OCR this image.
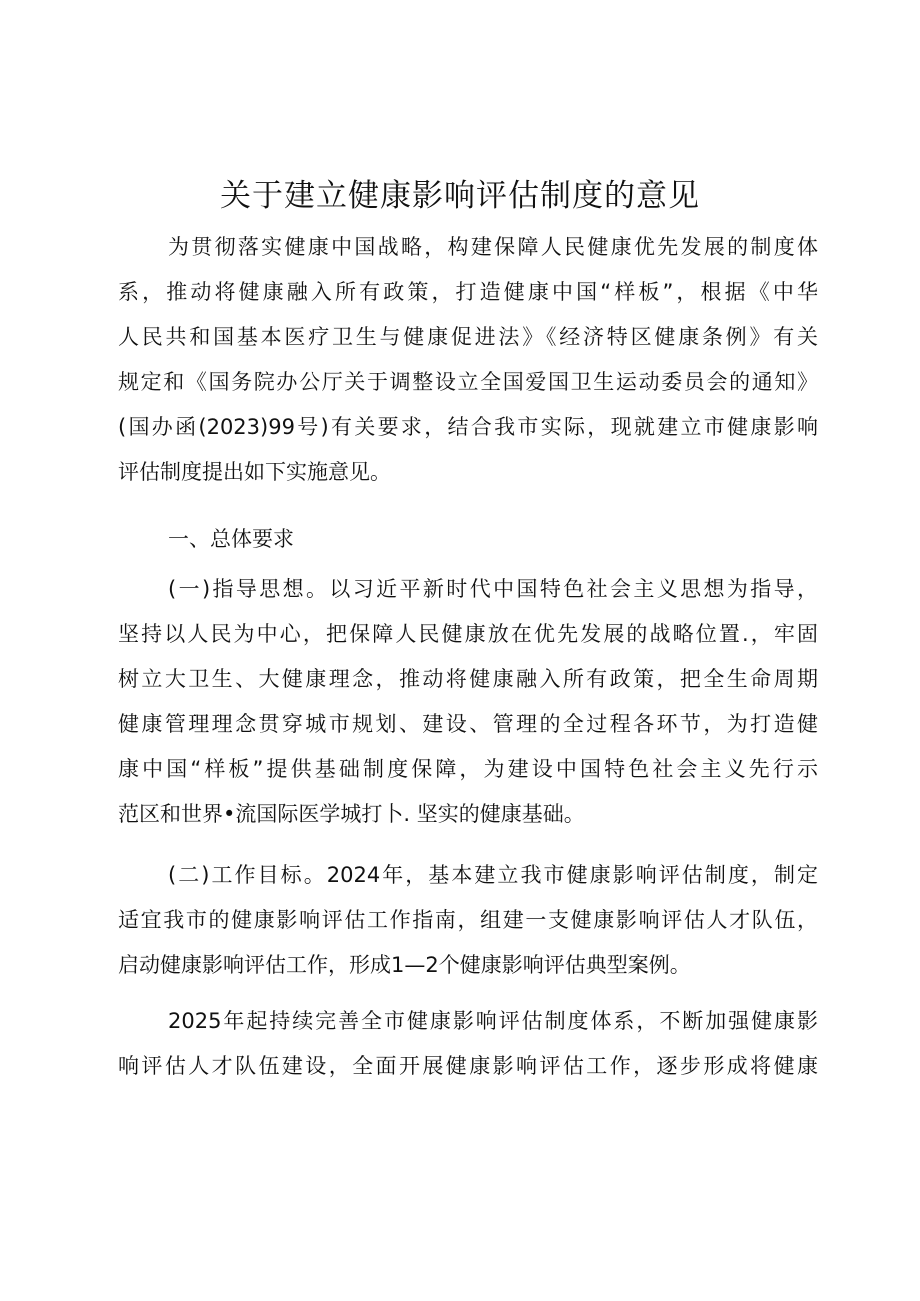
关于建立健康影响评估制度的意见
为贯彻落实健康中国战略，构建保障人民健康优先发展的制度体
系，推动将健康融入所有政策，打造健康中国“样板”，根据《中华
人民共和国基本医疗卫生与健康促进法》《经济特区健康条例》有关
规定和《国务院办公厅关于调整设立全国爱国卫生运动委员会的通知》
(国办函(2023)99号)有关要求，结合我市实际，现就建立市健康影响
评估制度提出如下实施意见。
一、总体要求
(一)指导思想。以习近平新时代中国特色社会主义思想为指导，
坚持以人民为中心，把保障人民健康放在优先发展的战略位置.，牢固
树立大卫生、大健康理念，推动将健康融入所有政策，把全生命周期
健康管理理念贯穿城市规划、建设、管理的全过程各环节，为打造健
康中国“样板”提供基础制度保障，为建设中国特色社会主义先行示
范区和世界•流国际医学城打卜. 坚实的健康基础。
(二)工作目标。2024年，基本建立我市健康影响评估制度，制定
适宜我市的健康影响评估工作指南，组建一支健康影响评估人才队伍，
启动健康影响评估工作，形成1—2个健康影响评估典型案例。
2025年起持续完善全市健康影响评估制度体系，不断加强健康影
响评估人才队伍建设，全面开展健康影响评估工作，逐步形成将健康
